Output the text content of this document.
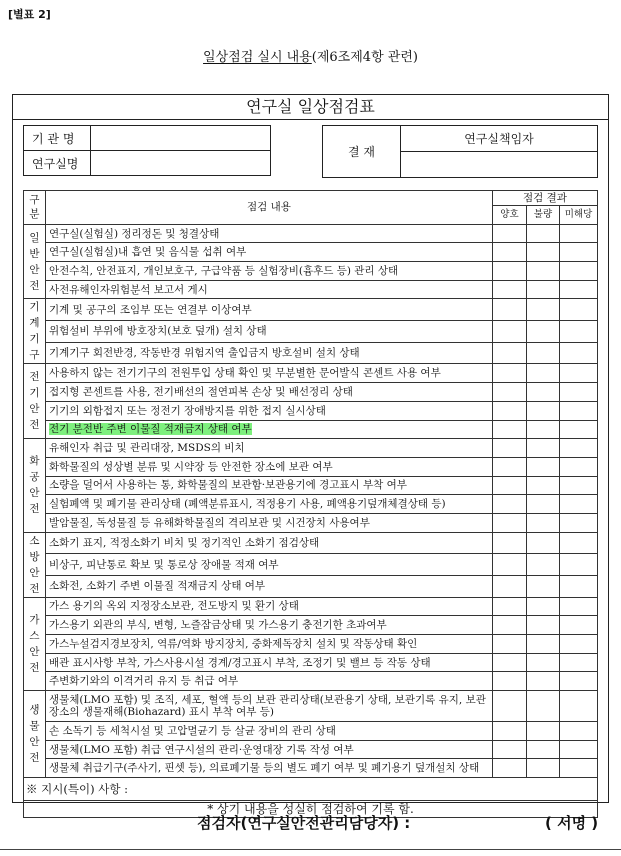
[별표 2]
일상점검 실시 내용(제6조제4항 관련)
연구실 일상점검표
기 관 명	
연구실명	
결 재	연구실책임자

구분	점검 내용	점검 결과		
		양호	불량	미해당
일반안전	연구실(실험실) 정리정돈 및 청결상태			
	연구실(실험실)내 흡연 및 음식물 섭취 여부			
	안전수칙, 안전표지, 개인보호구, 구급약품 등 실험장비(흄후드 등) 관리 상태			
	사전유해인자위험분석 보고서 게시			
기계기구	기계 및 공구의 조임부 또는 연결부 이상여부			
	위험설비 부위에 방호장치(보호 덮개) 설치 상태			
	기계기구 회전반경, 작동반경 위험지역 출입금지 방호설비 설치 상태			
전기안전	사용하지 않는 전기기구의 전원투입 상태 확인 및 무분별한 문어발식 콘센트 사용 여부			
	접지형 콘센트를 사용, 전기배선의 절연피복 손상 및 배선정리 상태			
	기기의 외함접지 또는 정전기 장애방지를 위한 접지 실시상태			
	전기 분전반 주변 이물질 적재금지 상태 여부			
화공안전	유해인자 취급 및 관리대장, MSDS의 비치			
	화학물질의 성상별 분류 및 시약장 등 안전한 장소에 보관 여부			
	소량을 덜어서 사용하는 통, 화학물질의 보관함·보관용기에 경고표시 부착 여부			
	실험폐액 및 폐기물 관리상태 (폐액분류표시, 적정용기 사용, 폐액용기덮개체결상태 등)			
	발암물질, 독성물질 등 유해화학물질의 격리보관 및 시건장치 사용여부			
소방안전	소화기 표지, 적정소화기 비치 및 정기적인 소화기 점검상태			
	비상구, 피난통로 확보 및 통로상 장애물 적재 여부			
	소화전, 소화기 주변 이물질 적재금지 상태 여부			
가스안전	가스 용기의 옥외 지정장소보관, 전도방지 및 환기 상태			
	가스용기 외관의 부식, 변형, 노즐잠금상태 및 가스용기 충전기한 초과여부			
	가스누설검지경보장치, 역류/역화 방지장치, 중화제독장치 설치 및 작동상태 확인			
	배관 표시사항 부착, 가스사용시설 경계/경고표시 부착, 조정기 및 밸브 등 작동 상태			
	주변화기와의 이격거리 유지 등 취급 여부			
생물안전	생물체(LMO 포함) 및 조직, 세포, 혈액 등의 보관 관리상태(보관용기 상태, 보관기록 유지, 보관 장소의 생물재해(Biohazard) 표시 부착 여부 등)			
	손 소독기 등 세척시설 및 고압멸균기 등 살균 장비의 관리 상태			
	생물체(LMO 포함) 취급 연구시설의 관리·운영대장 기록 작성 여부			
	생물체 취급기구(주사기, 핀셋 등), 의료폐기물 등의 별도 폐기 여부 및 폐기용기 덮개설치 상태			
※ 지시(특이) 사항 :				
* 상기 내용을 성실히 점검하여 기록 함.				
점검자(연구실안전관리담당자) :	( 서명 )
